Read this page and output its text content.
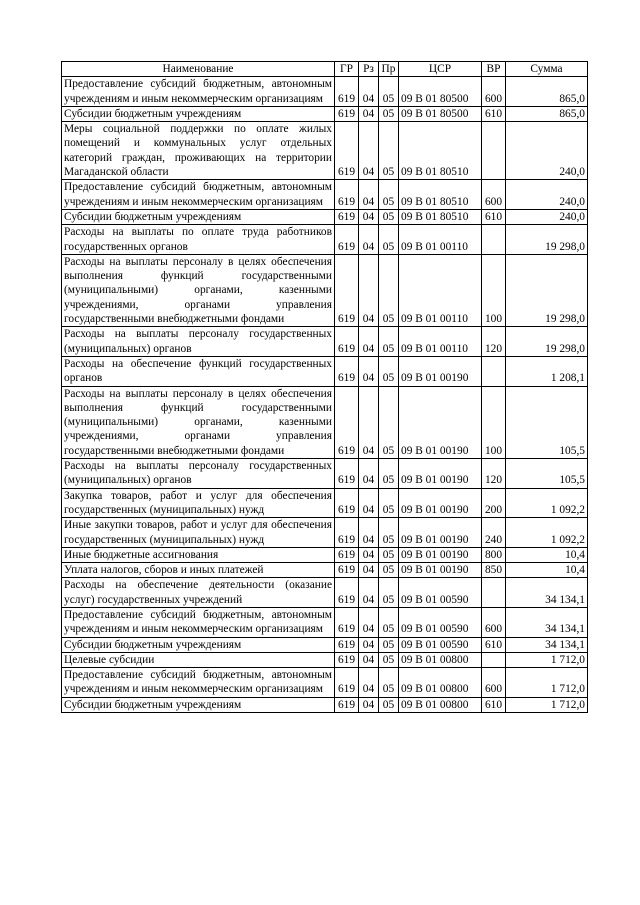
Наименование	ГР	Рз	Пр	ЦСР	ВР	Сумма
Предоставление субсидий бюджетным, автономным учреждениям и иным некоммерческим организациям	619	04	05	09 В 01 80500	600	865,0
Субсидии бюджетным учреждениям	619	04	05	09 В 01 80500	610	865,0
Меры социальной поддержки по оплате жилых помещений и коммунальных услуг отдельных категорий граждан, проживающих на территории Магаданской области	619	04	05	09 В 01 80510		240,0
Предоставление субсидий бюджетным, автономным учреждениям и иным некоммерческим организациям	619	04	05	09 В 01 80510	600	240,0
Субсидии бюджетным учреждениям	619	04	05	09 В 01 80510	610	240,0
Расходы на выплаты по оплате труда работников государственных органов	619	04	05	09 В 01 00110		19 298,0
Расходы на выплаты персоналу в целях обеспечения выполнения функций государственными (муниципальными) органами, казенными учреждениями, органами управления государственными внебюджетными фондами	619	04	05	09 В 01 00110	100	19 298,0
Расходы на выплаты персоналу государственных (муниципальных) органов	619	04	05	09 В 01 00110	120	19 298,0
Расходы на обеспечение функций государственных органов	619	04	05	09 В 01 00190		1 208,1
Расходы на выплаты персоналу в целях обеспечения выполнения функций государственными (муниципальными) органами, казенными учреждениями, органами управления государственными внебюджетными фондами	619	04	05	09 В 01 00190	100	105,5
Расходы на выплаты персоналу государственных (муниципальных) органов	619	04	05	09 В 01 00190	120	105,5
Закупка товаров, работ и услуг для обеспечения государственных (муниципальных) нужд	619	04	05	09 В 01 00190	200	1 092,2
Иные закупки товаров, работ и услуг для обеспечения государственных (муниципальных) нужд	619	04	05	09 В 01 00190	240	1 092,2
Иные бюджетные ассигнования	619	04	05	09 В 01 00190	800	10,4
Уплата налогов, сборов и иных платежей	619	04	05	09 В 01 00190	850	10,4
Расходы на обеспечение деятельности (оказание услуг) государственных учреждений	619	04	05	09 В 01 00590		34 134,1
Предоставление субсидий бюджетным, автономным учреждениям и иным некоммерческим организациям	619	04	05	09 В 01 00590	600	34 134,1
Субсидии бюджетным учреждениям	619	04	05	09 В 01 00590	610	34 134,1
Целевые субсидии	619	04	05	09 В 01 00800		1 712,0
Предоставление субсидий бюджетным, автономным учреждениям и иным некоммерческим организациям	619	04	05	09 В 01 00800	600	1 712,0
Субсидии бюджетным учреждениям	619	04	05	09 В 01 00800	610	1 712,0
